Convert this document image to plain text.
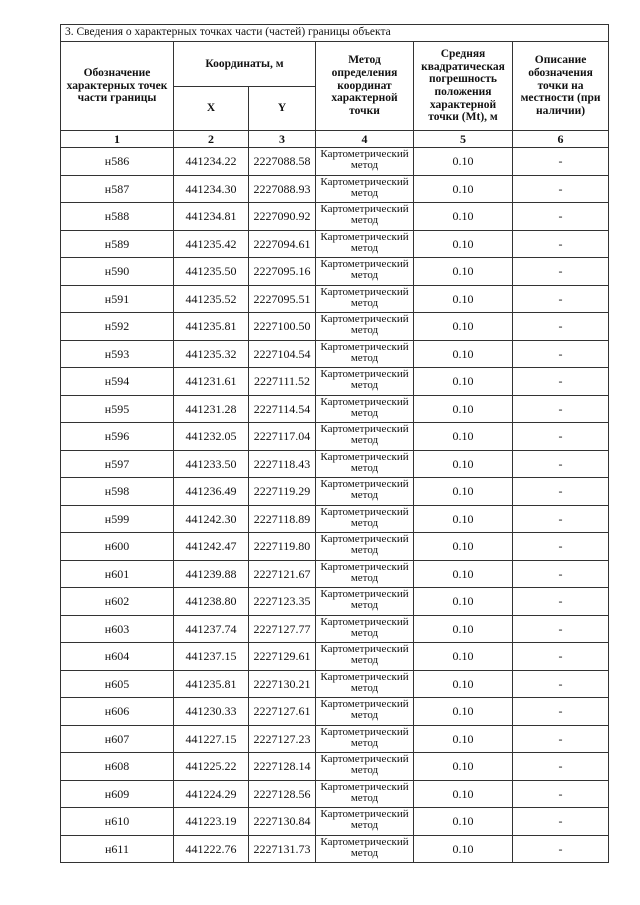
3. Сведения о характерных точках части (частей) границы объекта					
Обозначение характерных точек части границы	Координаты, м		Метод определения координат характерной точки	Средняя квадратическая погрешность положения характерной точки (Mt), м	Описание обозначения точки на местности (при наличии)
	X	Y			
1	2	3	4	5	6
н586	441234.22	2227088.58	Картометрический метод	0.10	-
н587	441234.30	2227088.93	Картометрический метод	0.10	-
н588	441234.81	2227090.92	Картометрический метод	0.10	-
н589	441235.42	2227094.61	Картометрический метод	0.10	-
н590	441235.50	2227095.16	Картометрический метод	0.10	-
н591	441235.52	2227095.51	Картометрический метод	0.10	-
н592	441235.81	2227100.50	Картометрический метод	0.10	-
н593	441235.32	2227104.54	Картометрический метод	0.10	-
н594	441231.61	2227111.52	Картометрический метод	0.10	-
н595	441231.28	2227114.54	Картометрический метод	0.10	-
н596	441232.05	2227117.04	Картометрический метод	0.10	-
н597	441233.50	2227118.43	Картометрический метод	0.10	-
н598	441236.49	2227119.29	Картометрический метод	0.10	-
н599	441242.30	2227118.89	Картометрический метод	0.10	-
н600	441242.47	2227119.80	Картометрический метод	0.10	-
н601	441239.88	2227121.67	Картометрический метод	0.10	-
н602	441238.80	2227123.35	Картометрический метод	0.10	-
н603	441237.74	2227127.77	Картометрический метод	0.10	-
н604	441237.15	2227129.61	Картометрический метод	0.10	-
н605	441235.81	2227130.21	Картометрический метод	0.10	-
н606	441230.33	2227127.61	Картометрический метод	0.10	-
н607	441227.15	2227127.23	Картометрический метод	0.10	-
н608	441225.22	2227128.14	Картометрический метод	0.10	-
н609	441224.29	2227128.56	Картометрический метод	0.10	-
н610	441223.19	2227130.84	Картометрический метод	0.10	-
н611	441222.76	2227131.73	Картометрический метод	0.10	-
